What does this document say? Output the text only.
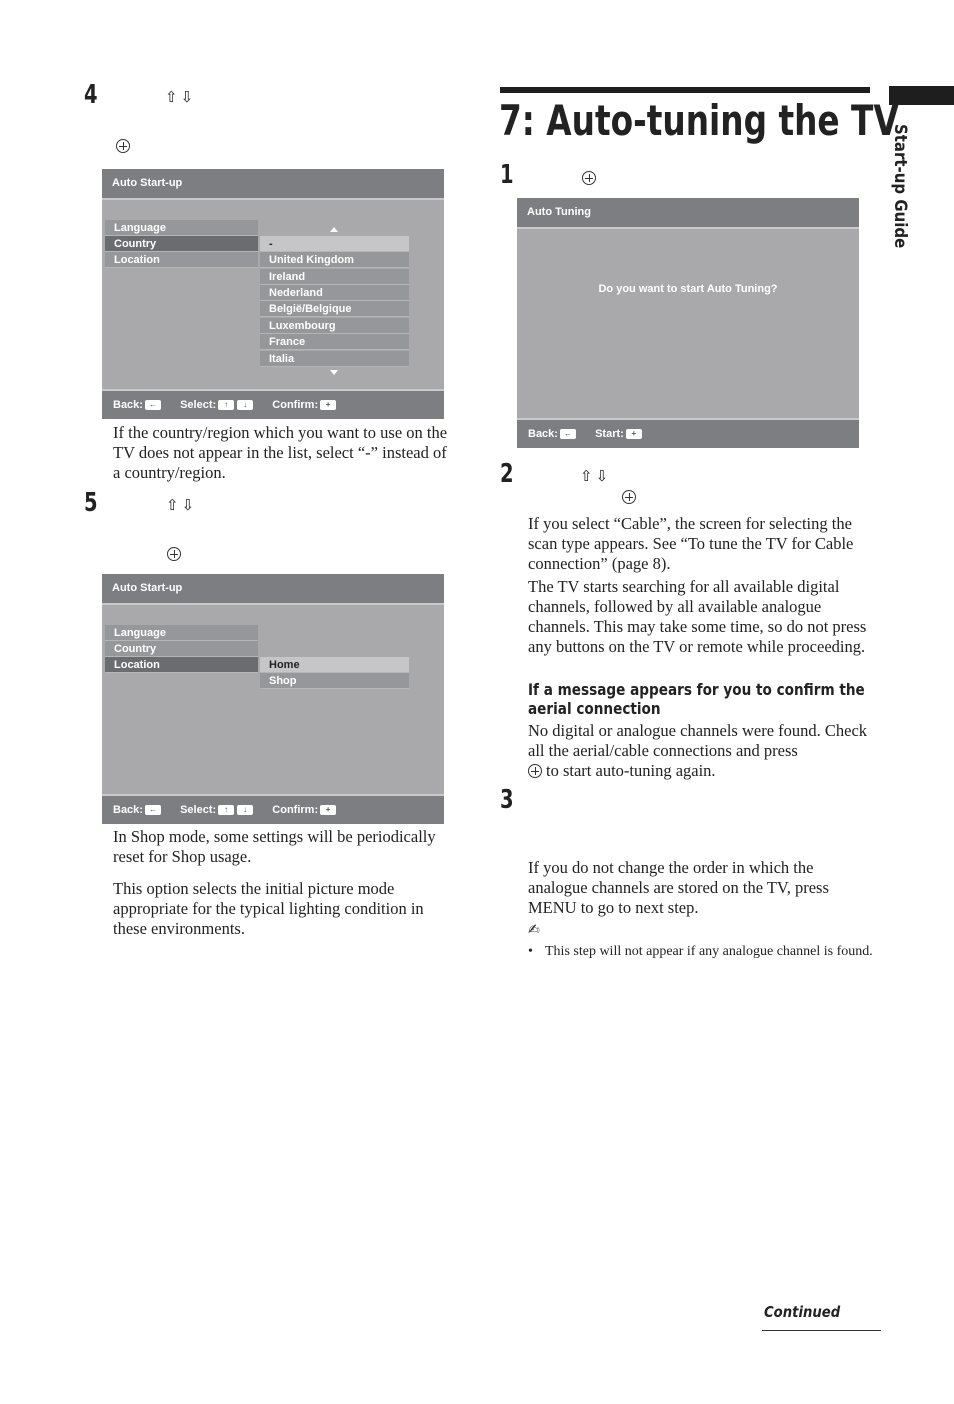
Start-up Guide
4	⇧⇩
Auto Start-up
Language
Country
Location
-
United Kingdom
Ireland
Nederland
België/Belgique
Luxembourg
France
Italia
Back: ← Select: ↑ ↓ Confirm: +
If the country/region which you want to use on the TV does not appear in the list, select “-” instead of a country/region.
5	⇧⇩
Auto Start-up
Language
Country
Location	Home
Shop
Back: ← Select: ↑ ↓ Confirm: +
In Shop mode, some settings will be periodically reset for Shop usage.
This option selects the initial picture mode appropriate for the typical lighting condition in these environments.
7: Auto-tuning the TV
1
Auto Tuning
Do you want to start Auto Tuning?
Back: ← Start: +
2	⇧⇩
If you select “Cable”, the screen for selecting the scan type appears. See “To tune the TV for Cable connection” (page 8).
The TV starts searching for all available digital channels, followed by all available analogue channels. This may take some time, so do not press any buttons on the TV or remote while proceeding.
If a message appears for you to confirm the aerial connection
No digital or analogue channels were found. Check all the aerial/cable connections and press
to start auto-tuning again.
3
If you do not change the order in which the analogue channels are stored on the TV, press MENU to go to next step.
✍
• This step will not appear if any analogue channel is found.
Continued
